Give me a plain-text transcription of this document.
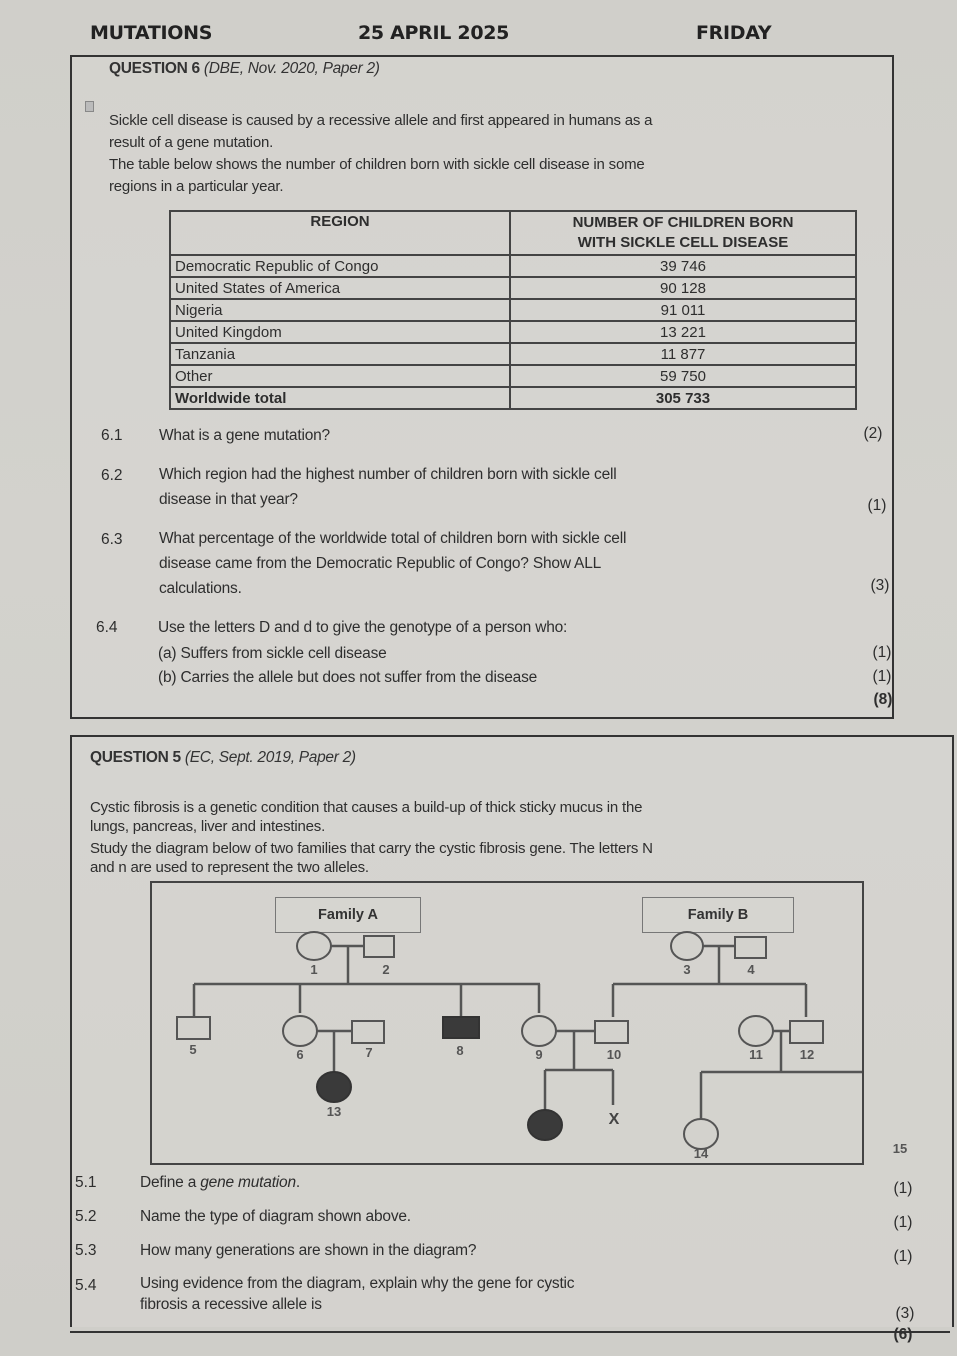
MUTATIONS	25 APRIL 2025	FRIDAY
QUESTION 6 (DBE, Nov. 2020, Paper 2)
Sickle cell disease is caused by a recessive allele and first appeared in humans as a
result of a gene mutation.
The table below shows the number of children born with sickle cell disease in some
regions in a particular year.
REGION	NUMBER OF CHILDREN BORN
WITH SICKLE CELL DISEASE

Democratic Republic of Congo	39 746
United States of America	90 128
Nigeria	91 011
United Kingdom	13 221
Tanzania	11 877
Other	59 750
Worldwide total	305 733
6.1 What is a gene mutation?	(2)
6.2 Which region had the highest number of children born with sickle cell
disease in that year?	(1)
6.3 What percentage of the worldwide total of children born with sickle cell
disease came from the Democratic Republic of Congo? Show ALL
calculations.	(3)
6.4	Use the letters D and d to give the genotype of a person who:
(a) Suffers from sickle cell disease	(1)
(b) Carries the allele but does not suffer from the disease	(1)
(8)
QUESTION 5 (EC, Sept. 2019, Paper 2)
Cystic fibrosis is a genetic condition that causes a build-up of thick sticky mucus in the
lungs, pancreas, liver and intestines.
Study the diagram below of two families that carry the cystic fibrosis gene. The letters N
and n are used to represent the two alleles.
Family A	Family B
1	2	3	4
5	6	7	8	9	10	11	12
13	X
14	15
5.1	Define a gene mutation.	(1)
5.2	Name the type of diagram shown above.	(1)
5.3	How many generations are shown in the diagram?	(1)
5.4	Using evidence from the diagram, explain why the gene for cystic
fibrosis a recessive allele is
(3)
(6)
